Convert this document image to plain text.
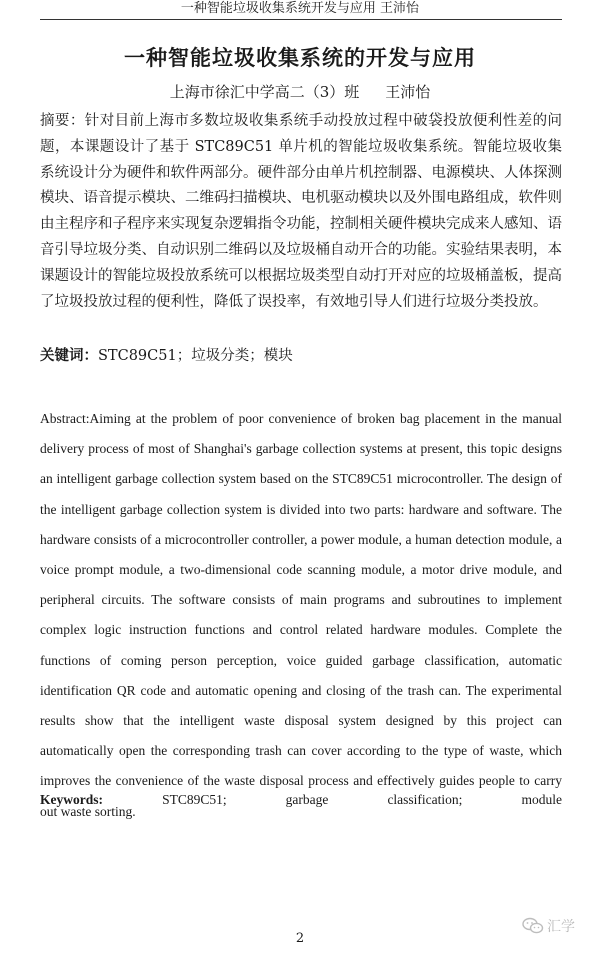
一种智能垃圾收集系统开发与应用 王沛怡
一种智能垃圾收集系统的开发与应用
上海市徐汇中学高二（3）班 王沛怡
摘要：针对目前上海市多数垃圾收集系统手动投放过程中破袋投放便利性差的问题，本课题设计了基于 STC89C51 单片机的智能垃圾收集系统。智能垃圾收集系统设计分为硬件和软件两部分。硬件部分由单片机控制器、电源模块、人体探测模块、语音提示模块、二维码扫描模块、电机驱动模块以及外围电路组成，软件则由主程序和子程序来实现复杂逻辑指令功能，控制相关硬件模块完成来人感知、语音引导垃圾分类、自动识别二维码以及垃圾桶自动开合的功能。实验结果表明，本课题设计的智能垃圾投放系统可以根据垃圾类型自动打开对应的垃圾桶盖板，提高了垃圾投放过程的便利性，降低了误投率，有效地引导人们进行垃圾分类投放。
关键词：STC89C51；垃圾分类；模块
Abstract:Aiming at the problem of poor convenience of broken bag placement in the manual delivery process of most of Shanghai's garbage collection systems at present, this topic designs an intelligent garbage collection system based on the STC89C51 microcontroller. The design of the intelligent garbage collection system is divided into two parts: hardware and software. The hardware consists of a microcontroller controller, a power module, a human detection module, a voice prompt module, a two-dimensional code scanning module, a motor drive module, and peripheral circuits. The software consists of main programs and subroutines to implement complex logic instruction functions and control related hardware modules. Complete the functions of coming person perception, voice guided garbage classification, automatic identification QR code and automatic opening and closing of the trash can. The experimental results show that the intelligent waste disposal system designed by this project can automatically open the corresponding trash can cover according to the type of waste, which improves the convenience of the waste disposal process and effectively guides people to carry out waste sorting.
Keywords:	STC89C51;	garbage	classification;	module
汇学
2
